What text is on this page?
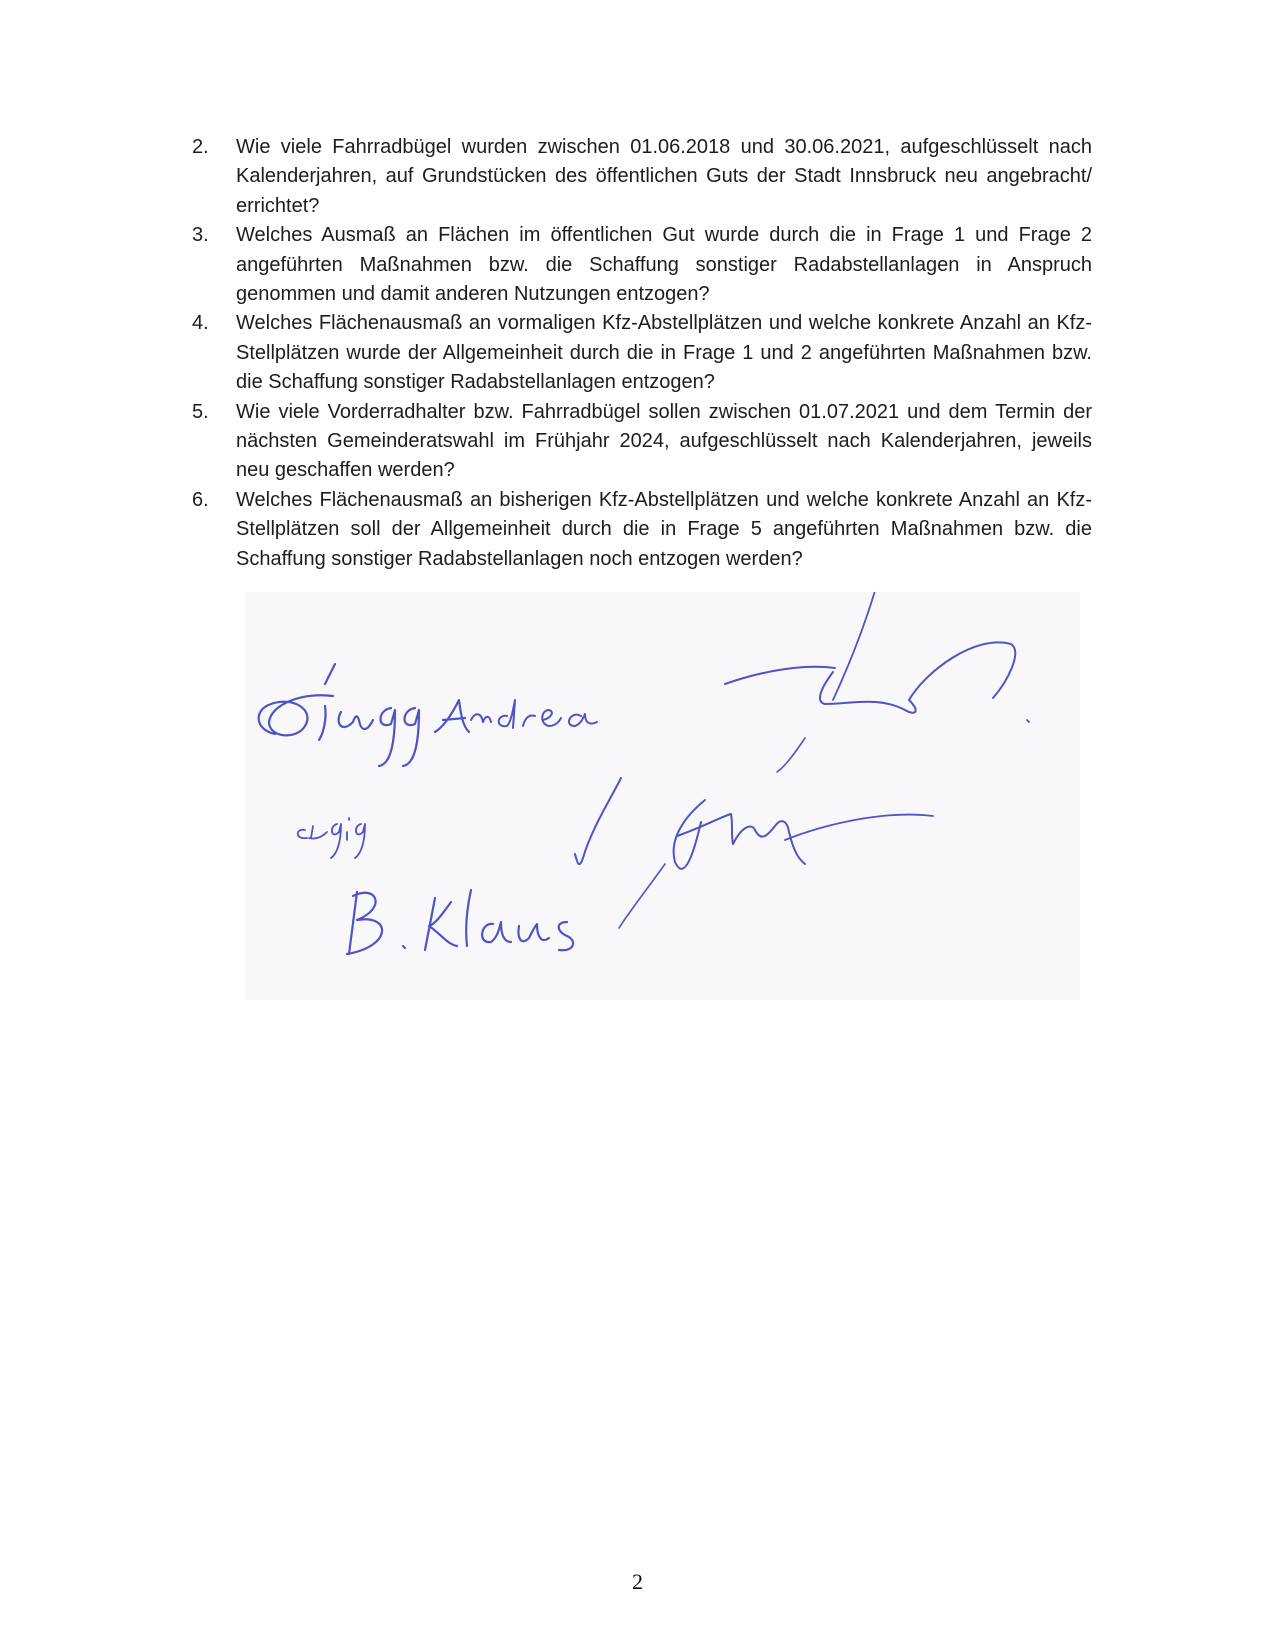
2. Wie viele Fahrradbügel wurden zwischen 01.06.2018 und 30.06.2021, aufgeschlüsselt nach Kalenderjahren, auf Grundstücken des öffentlichen Guts der Stadt Innsbruck neu angebracht/ errichtet?
3. Welches Ausmaß an Flächen im öffentlichen Gut wurde durch die in Frage 1 und Frage 2 angeführten Maßnahmen bzw. die Schaffung sonstiger Radabstellanlagen in Anspruch genommen und damit anderen Nutzungen entzogen?
4. Welches Flächenausmaß an vormaligen Kfz-Abstellplätzen und welche konkrete Anzahl an Kfz-Stellplätzen wurde der Allgemeinheit durch die in Frage 1 und 2 angeführten Maßnahmen bzw. die Schaffung sonstiger Radabstellanlagen entzogen?
5. Wie viele Vorderradhalter bzw. Fahrradbügel sollen zwischen 01.07.2021 und dem Termin der nächsten Gemeinderatswahl im Frühjahr 2024, aufgeschlüsselt nach Kalenderjahren, jeweils neu geschaffen werden?
6. Welches Flächenausmaß an bisherigen Kfz-Abstellplätzen und welche konkrete Anzahl an Kfz-Stellplätzen soll der Allgemeinheit durch die in Frage 5 angeführten Maßnahmen bzw. die Schaffung sonstiger Radabstellanlagen noch entzogen werden?
2
